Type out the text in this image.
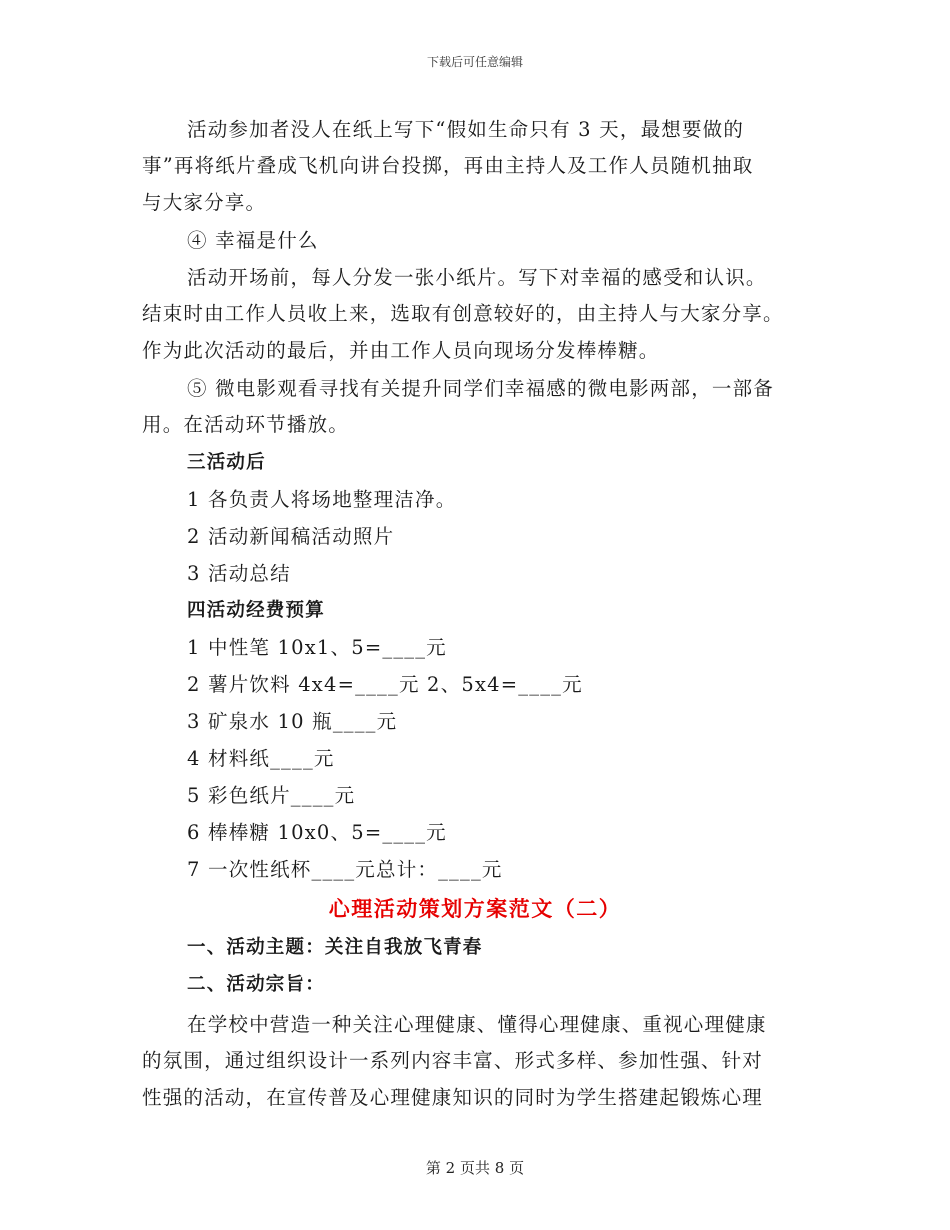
下载后可任意编辑
活动参加者没人在纸上写下“假如生命只有 3 天，最想要做的
事”再将纸片叠成飞机向讲台投掷，再由主持人及工作人员随机抽取
与大家分享。
④ 幸福是什么
活动开场前，每人分发一张小纸片。写下对幸福的感受和认识。
结束时由工作人员收上来，选取有创意较好的，由主持人与大家分享。
作为此次活动的最后，并由工作人员向现场分发棒棒糖。
⑤ 微电影观看寻找有关提升同学们幸福感的微电影两部，一部备
用。在活动环节播放。
三活动后
1 各负责人将场地整理洁净。
2 活动新闻稿活动照片
3 活动总结
四活动经费预算
1 中性笔 10x1、5=____元
2 薯片饮料 4x4=____元 2、5x4=____元
3 矿泉水 10 瓶____元
4 材料纸____元
5 彩色纸片____元
6 棒棒糖 10x0、5=____元
7 一次性纸杯____元总计：____元
心理活动策划方案范文（二）
一、活动主题：关注自我放飞青春
二、活动宗旨：
在学校中营造一种关注心理健康、懂得心理健康、重视心理健康
的氛围，通过组织设计一系列内容丰富、形式多样、参加性强、针对
性强的活动，在宣传普及心理健康知识的同时为学生搭建起锻炼心理
第 2 页共 8 页
